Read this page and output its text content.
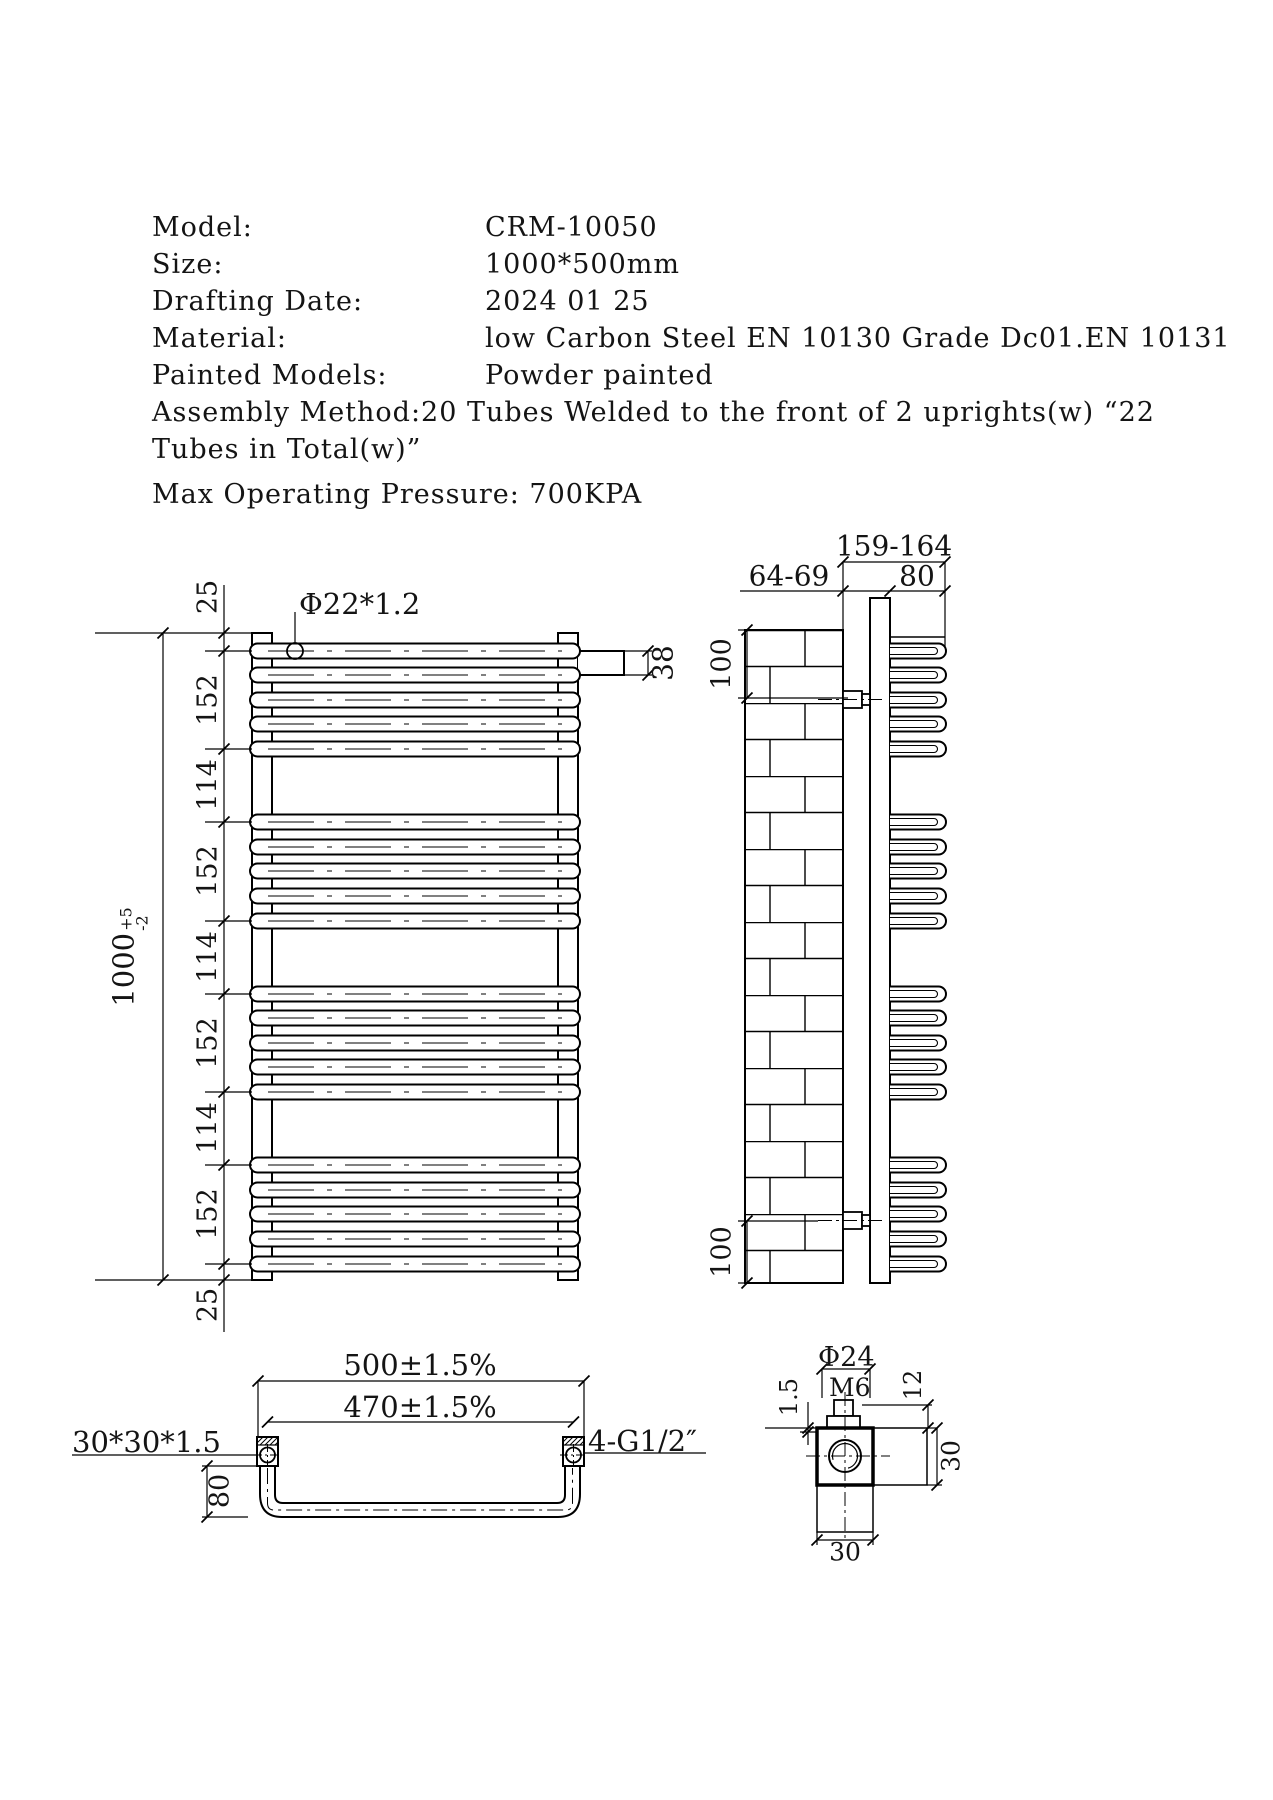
Model:	CRM-10050
Size:	1000*500mm
Drafting Date:	2024 01 25
Material:	low Carbon Steel EN 10130 Grade Dc01.EN 10131
Painted Models:	Powder painted
Assembly Method:20 Tubes Welded to the front of 2 uprights(w) “22
Tubes in Total(w)”
Max Operating Pressure: 700KPA
Φ22*1.2
38
1000
+5
-2
25
152
114
152
114
152
114
152
25
159-164
64-69 80
100
100
500±1.5%
470±1.5%
30*30*1.5	4-G1/2″
80
Φ24
M6
1.5	12
30
30
